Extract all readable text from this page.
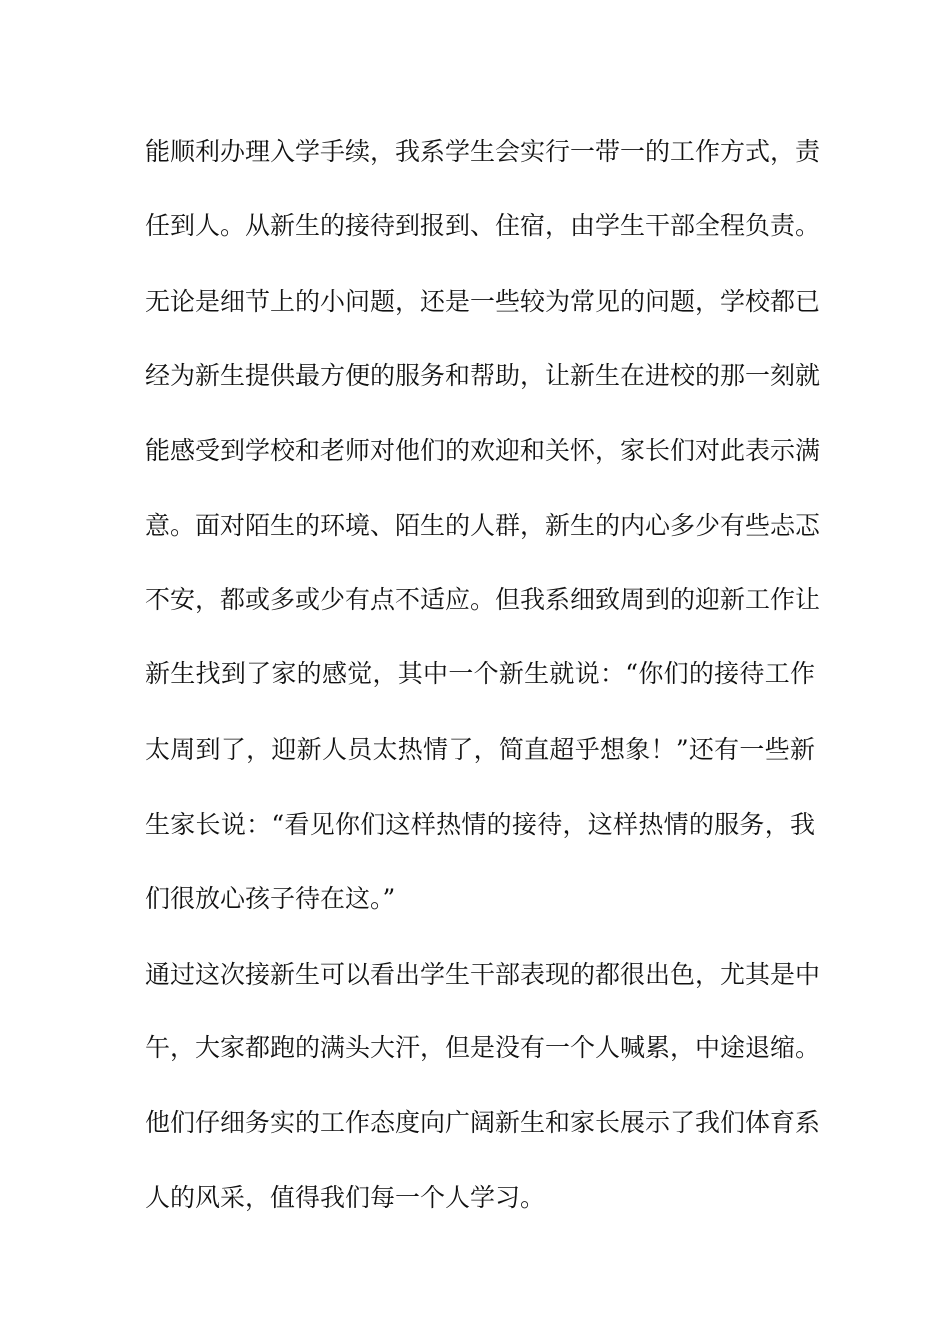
能顺利办理入学手续，我系学生会实行一带一的工作方式，责
任到人。从新生的接待到报到、住宿，由学生干部全程负责。
无论是细节上的小问题，还是一些较为常见的问题，学校都已
经为新生提供最方便的服务和帮助，让新生在进校的那一刻就
能感受到学校和老师对他们的欢迎和关怀，家长们对此表示满
意。面对陌生的环境、陌生的人群，新生的内心多少有些忐忑
不安，都或多或少有点不适应。但我系细致周到的迎新工作让
新生找到了家的感觉，其中一个新生就说：“你们的接待工作
太周到了，迎新人员太热情了，简直超乎想象！”还有一些新
生家长说：“看见你们这样热情的接待，这样热情的服务，我
们很放心孩子待在这。”
通过这次接新生可以看出学生干部表现的都很出色，尤其是中
午，大家都跑的满头大汗，但是没有一个人喊累，中途退缩。
他们仔细务实的工作态度向广阔新生和家长展示了我们体育系
人的风采，值得我们每一个人学习。
